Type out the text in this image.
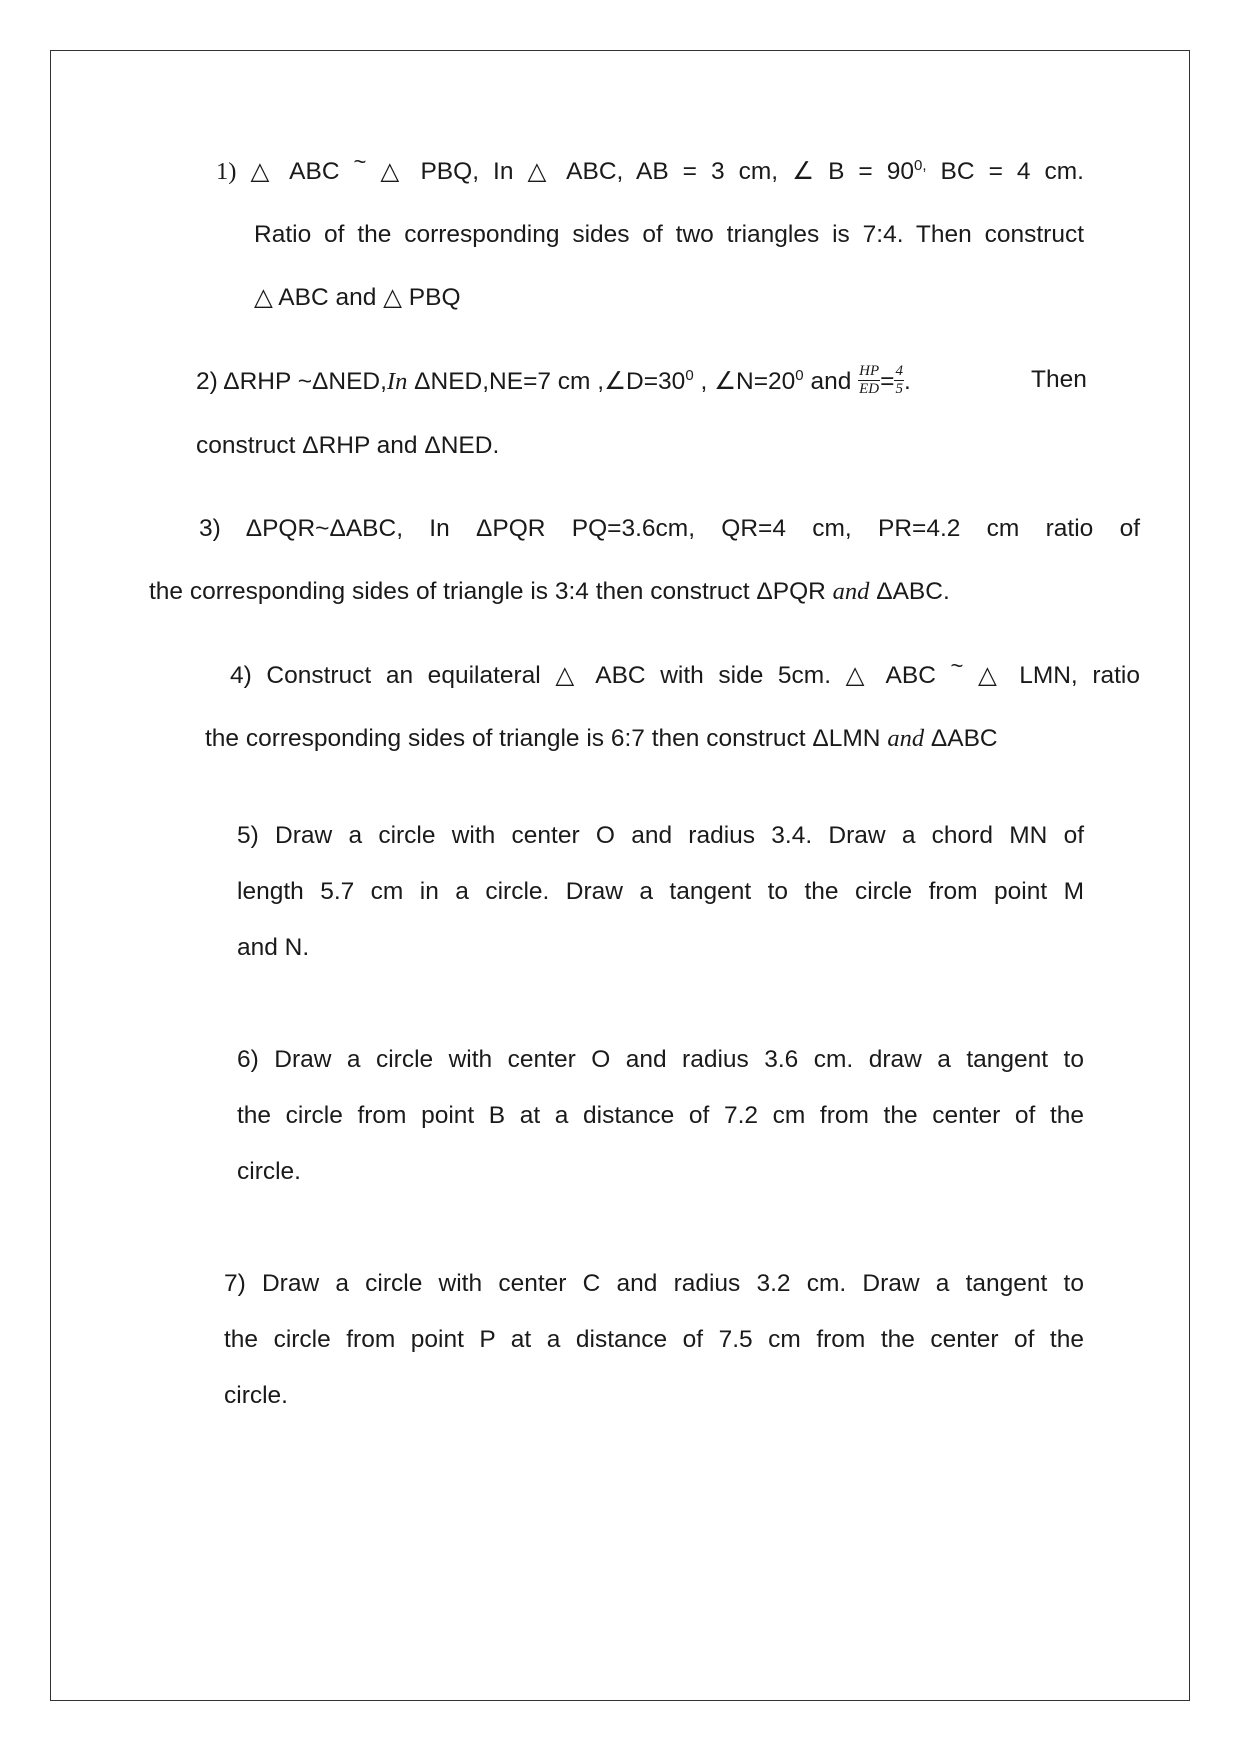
1) △ ABC ~ △ PBQ, In △ ABC, AB = 3 cm, ∠ $B = 90^{0,}$ BC = 4 cm.
Ratio of the corresponding sides of two triangles is 7:4. Then construct
△ ABC and △ PBQ
2) ΔRHP ~ΔNED,In ΔNED,NE=7 cm $,\angle D=30^0$ , $\angle N=20^0$ and $\frac{HP}{ED} = \frac{4}{5}$ .	Then
construct ΔRHP and ΔNED.
3) ΔPQR~ΔABC, In ΔPQR PQ=3.6cm, QR=4 cm, PR=4.2 cm ratio of
the corresponding sides of triangle is 3:4 then construct ΔPQR and ΔABC.
4) Construct an equilateral △ ABC with side 5cm. △ ABC ~ △ LMN, ratio
the corresponding sides of triangle is 6:7 then construct ΔLMN and ΔABC
5) Draw a circle with center O and radius 3.4. Draw a chord MN of
length 5.7 cm in a circle. Draw a tangent to the circle from point M
and N.
6) Draw a circle with center O and radius 3.6 cm. draw a tangent to
the circle from point B at a distance of 7.2 cm from the center of the
circle.
7) Draw a circle with center C and radius 3.2 cm. Draw a tangent to
the circle from point P at a distance of 7.5 cm from the center of the
circle.
